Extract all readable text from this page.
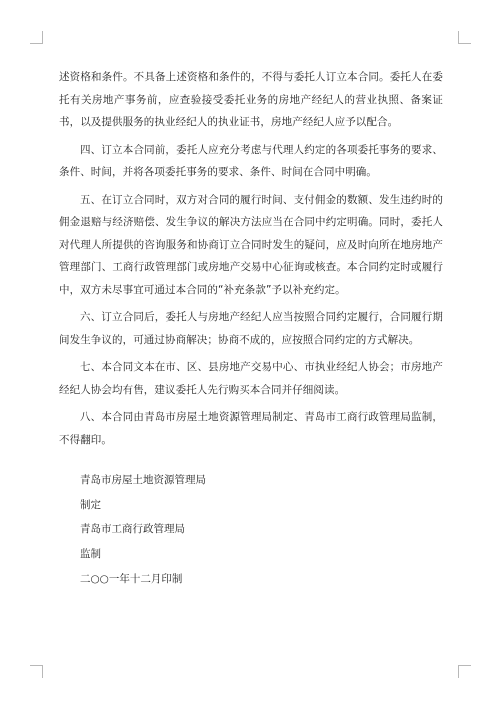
述资格和条件。不具备上述资格和条件的，不得与委托人订立本合同。委托人在委托有关房地产事务前，应查验接受委托业务的房地产经纪人的营业执照、备案证书，以及提供服务的执业经纪人的执业证书，房地产经纪人应予以配合。

四、订立本合同前，委托人应充分考虑与代理人约定的各项委托事务的要求、条件、时间，并将各项委托事务的要求、条件、时间在合同中明确。

五、在订立合同时，双方对合同的履行时间、支付佣金的数额、发生违约时的佣金退赔与经济赔偿、发生争议的解决方法应当在合同中约定明确。同时，委托人对代理人所提供的咨询服务和协商订立合同时发生的疑问，应及时向所在地房地产管理部门、工商行政管理部门或房地产交易中心征询或核查。本合同约定时或履行中，双方未尽事宜可通过本合同的“补充条款”予以补充约定。

六、订立合同后，委托人与房地产经纪人应当按照合同约定履行，合同履行期间发生争议的，可通过协商解决；协商不成的，应按照合同约定的方式解决。

七、本合同文本在市、区、县房地产交易中心、市执业经纪人协会；市房地产经纪人协会均有售，建议委托人先行购买本合同并仔细阅读。

八、本合同由青岛市房屋土地资源管理局制定、青岛市工商行政管理局监制，不得翻印。

青岛市房屋土地资源管理局
制定
青岛市工商行政管理局
监制
二○○一年十二月印制
